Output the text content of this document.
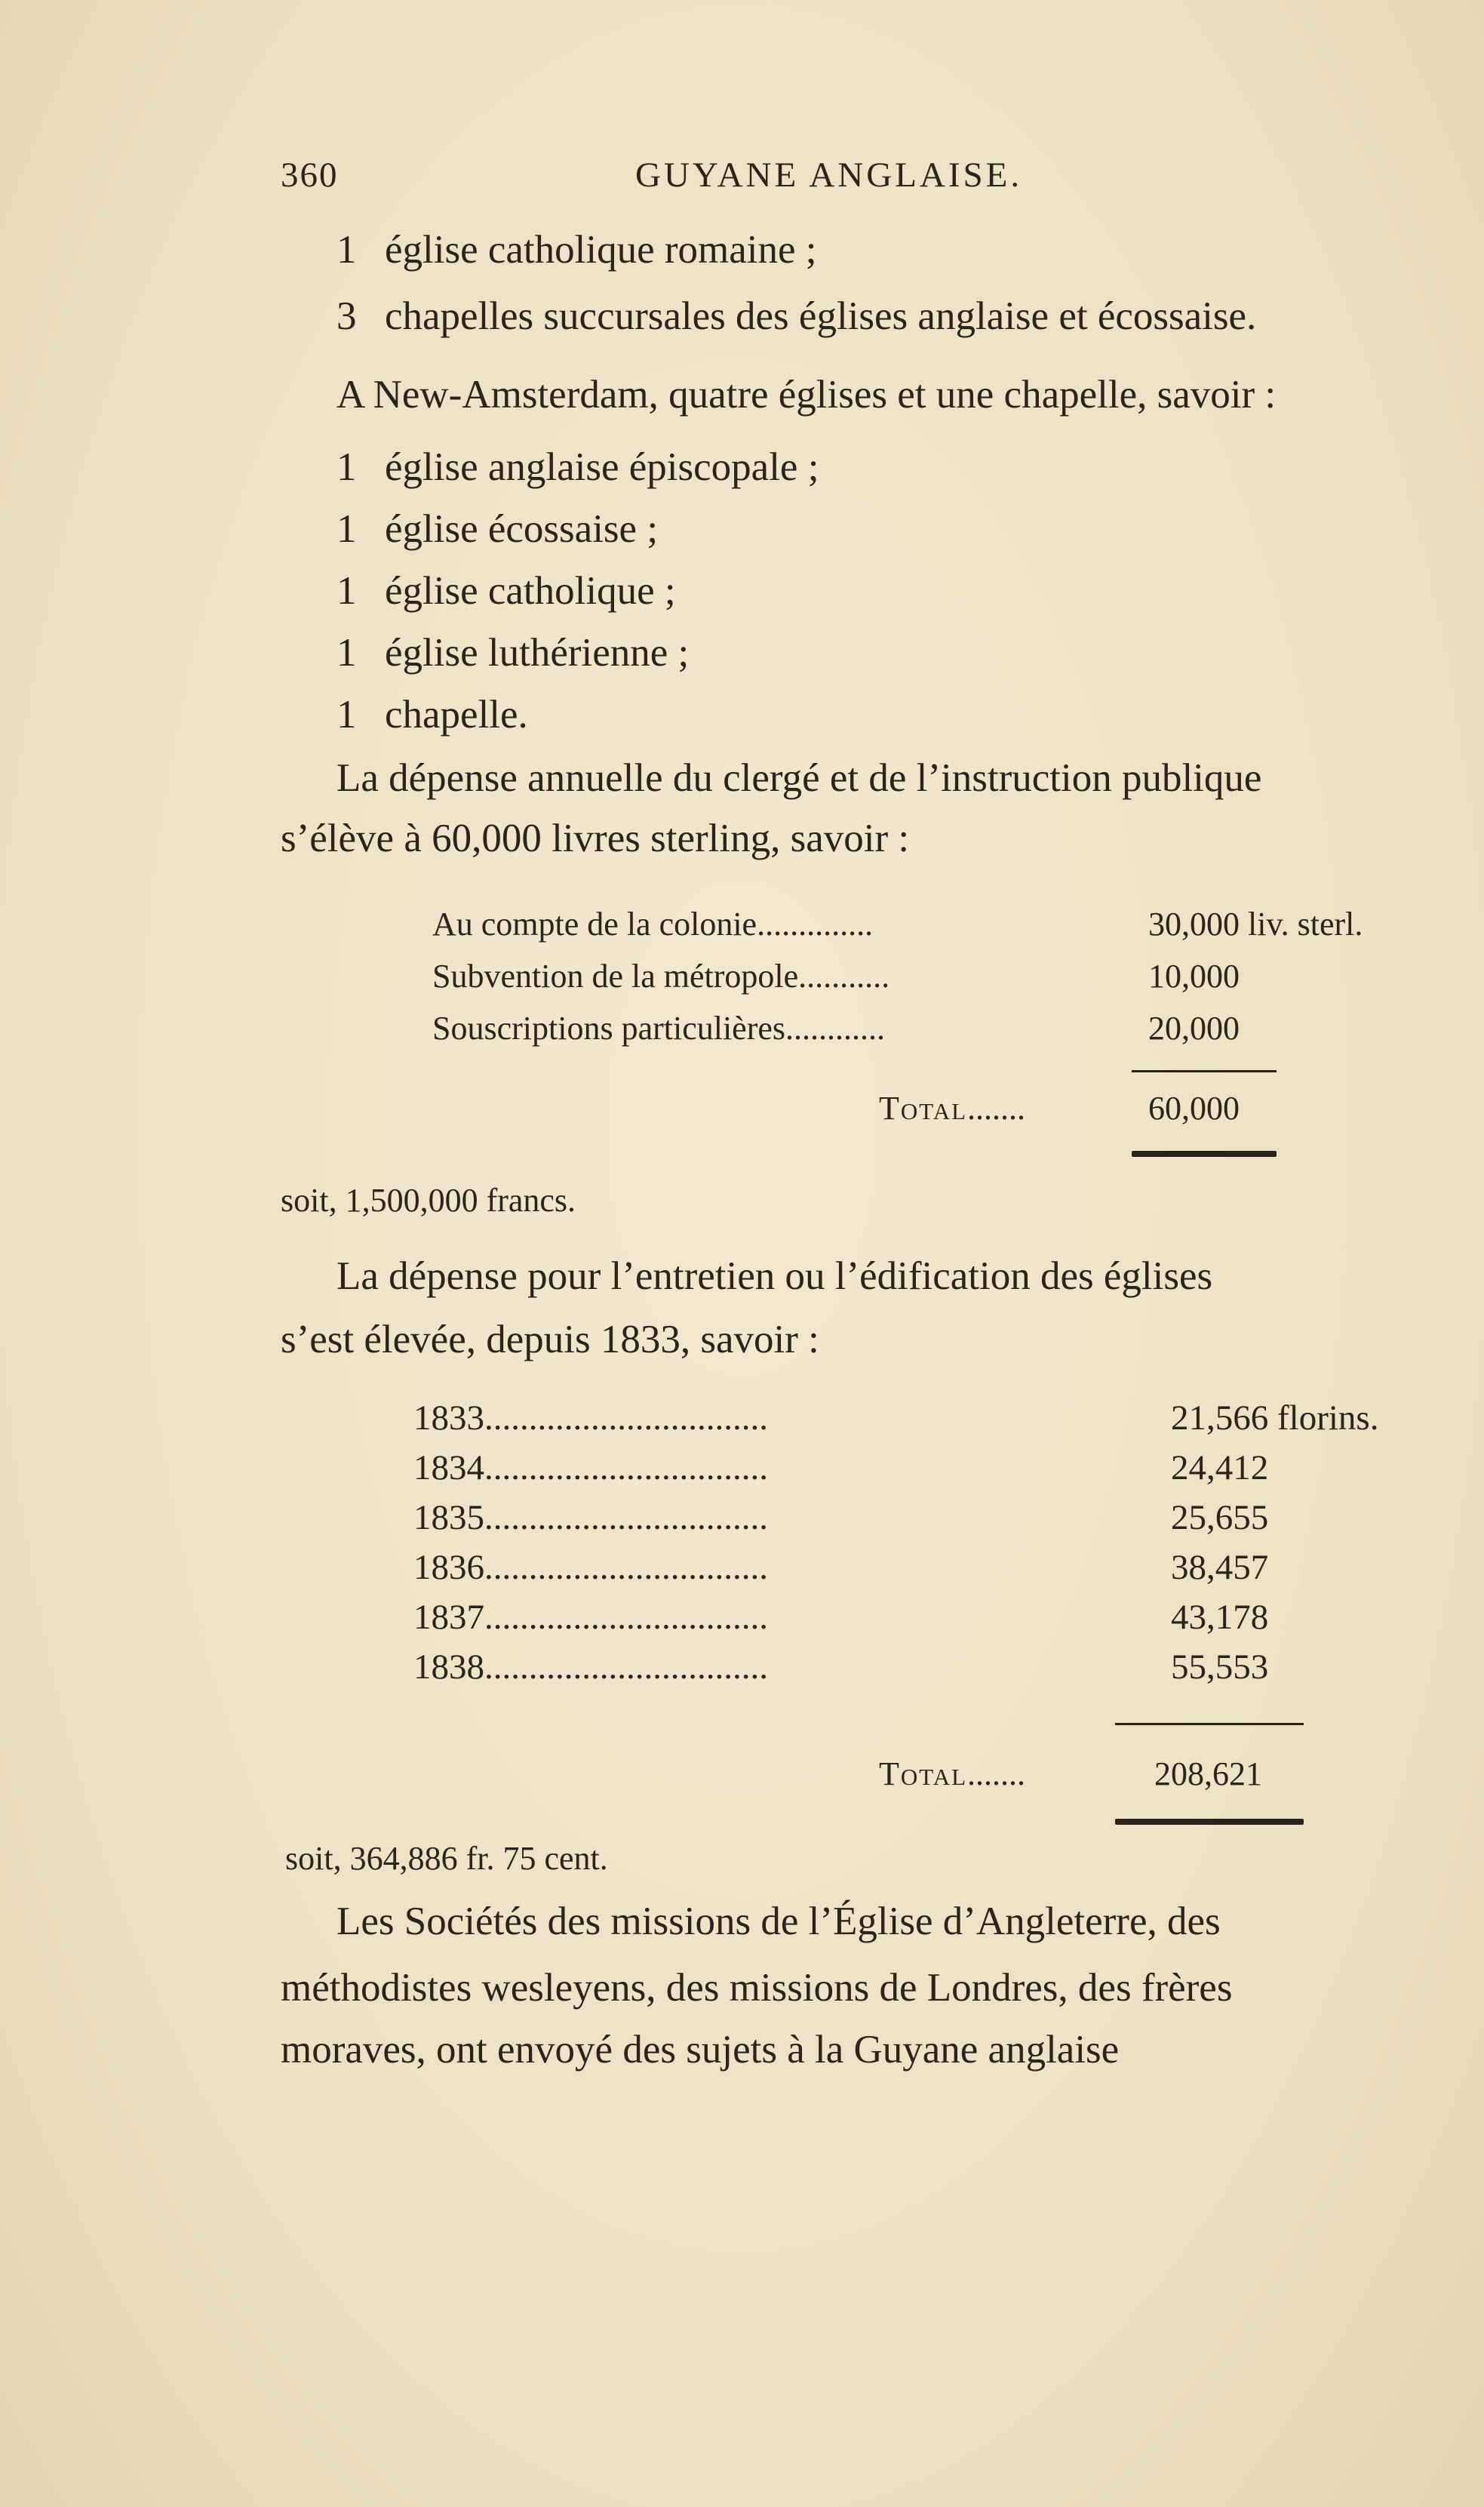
360	GUYANE ANGLAISE.
1 église catholique romaine ;
3 chapelles succursales des églises anglaise et écossaise.
A New-Amsterdam, quatre églises et une chapelle, savoir :
1 église anglaise épiscopale ;
1 église écossaise ;
1 église catholique ;
1 église luthérienne ;
1 chapelle.
La dépense annuelle du clergé et de l’instruction publique
s’élève à 60,000 livres sterling, savoir :
Au compte de la colonie..............	30,000 liv. sterl.
Subvention de la métropole...........	10,000
Souscriptions particulières............	20,000
Total.......	60,000
soit, 1,500,000 francs.
La dépense pour l’entretien ou l’édification des églises
s’est élevée, depuis 1833, savoir :
1833................................	21,566 florins.
1834................................	24,412
1835................................	25,655
1836................................	38,457
1837................................	43,178
1838................................	55,553
Total.......	208,621
soit, 364,886 fr. 75 cent.
Les Sociétés des missions de l’Église d’Angleterre, des
méthodistes wesleyens, des missions de Londres, des frères
moraves, ont envoyé des sujets à la Guyane anglaise
